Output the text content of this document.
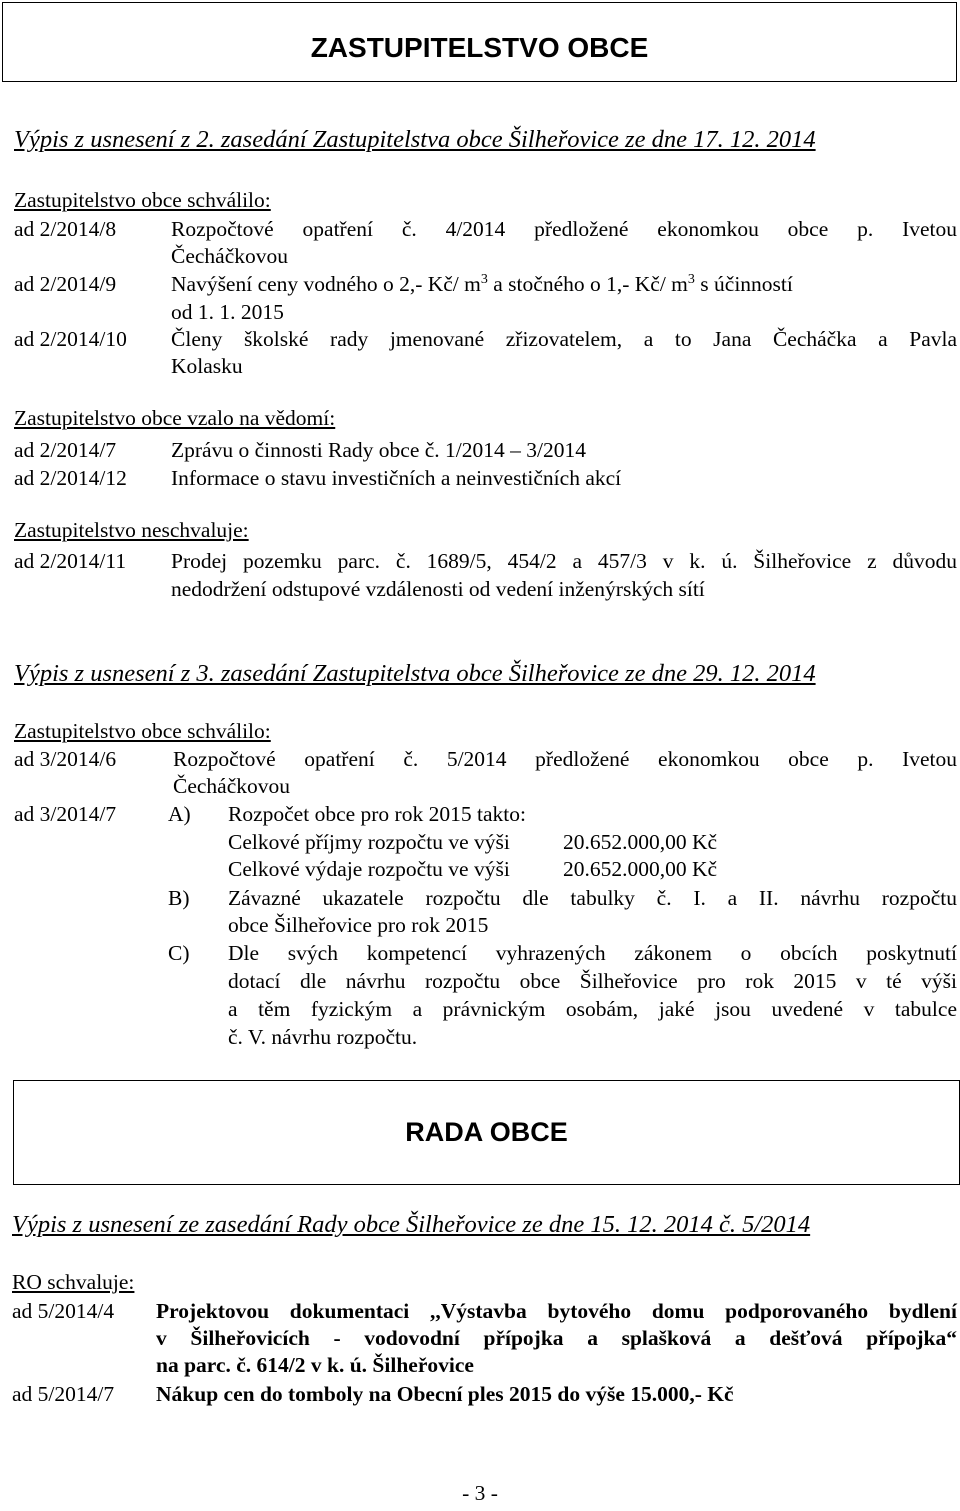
ZASTUPITELSTVO OBCE
Výpis z usnesení z 2. zasedání Zastupitelstva obce Šilheřovice ze dne 17. 12. 2014
Zastupitelstvo obce schválilo:
ad 2/2014/8	Rozpočtové opatření č. 4/2014 předložené ekonomkou obce p. Ivetou
Čecháčkovou
ad 2/2014/9	Navýšení ceny vodného o 2,- Kč/ $m^3$ a stočného o 1,- Kč/ $m^3$ s účinností
od 1. 1. 2015
ad 2/2014/10 Členy školské rady jmenované zřizovatelem, a to Jana Čecháčka a Pavla
Kolasku
Zastupitelstvo obce vzalo na vědomí:
ad 2/2014/7	Zprávu o činnosti Rady obce č. 1/2014 – 3/2014
ad 2/2014/12 Informace o stavu investičních a neinvestičních akcí
Zastupitelstvo neschvaluje:
ad 2/2014/11 Prodej pozemku parc. č. 1689/5, 454/2 a 457/3 v k. ú. Šilheřovice z důvodu
nedodržení odstupové vzdálenosti od vedení inženýrských sítí
Výpis z usnesení z 3. zasedání Zastupitelstva obce Šilheřovice ze dne 29. 12. 2014
Zastupitelstvo obce schválilo:
ad 3/2014/6	Rozpočtové opatření č. 5/2014 předložené ekonomkou obce p. Ivetou
Čecháčkovou
ad 3/2014/7 A) Rozpočet obce pro rok 2015 takto:
Celkové příjmy rozpočtu ve výši 20.652.000,00 Kč
Celkové výdaje rozpočtu ve výši 20.652.000,00 Kč
B) Závazné ukazatele rozpočtu dle tabulky č. I. a II. návrhu rozpočtu
obce Šilheřovice pro rok 2015
C) Dle svých kompetencí vyhrazených zákonem o obcích poskytnutí
dotací dle návrhu rozpočtu obce Šilheřovice pro rok 2015 v té výši
a těm fyzickým a právnickým osobám, jaké jsou uvedené v tabulce
č. V. návrhu rozpočtu.
RADA OBCE
Výpis z usnesení ze zasedání Rady obce Šilheřovice ze dne 15. 12. 2014 č. 5/2014
RO schvaluje:
ad 5/2014/4 Projektovou dokumentaci ,,Výstavba bytového domu podporovaného bydlení
v Šilheřovicích - vodovodní přípojka a splašková a dešťová přípojka“
na parc. č. 614/2 v k. ú. Šilheřovice
ad 5/2014/7 Nákup cen do tomboly na Obecní ples 2015 do výše 15.000,- Kč
- 3 -
